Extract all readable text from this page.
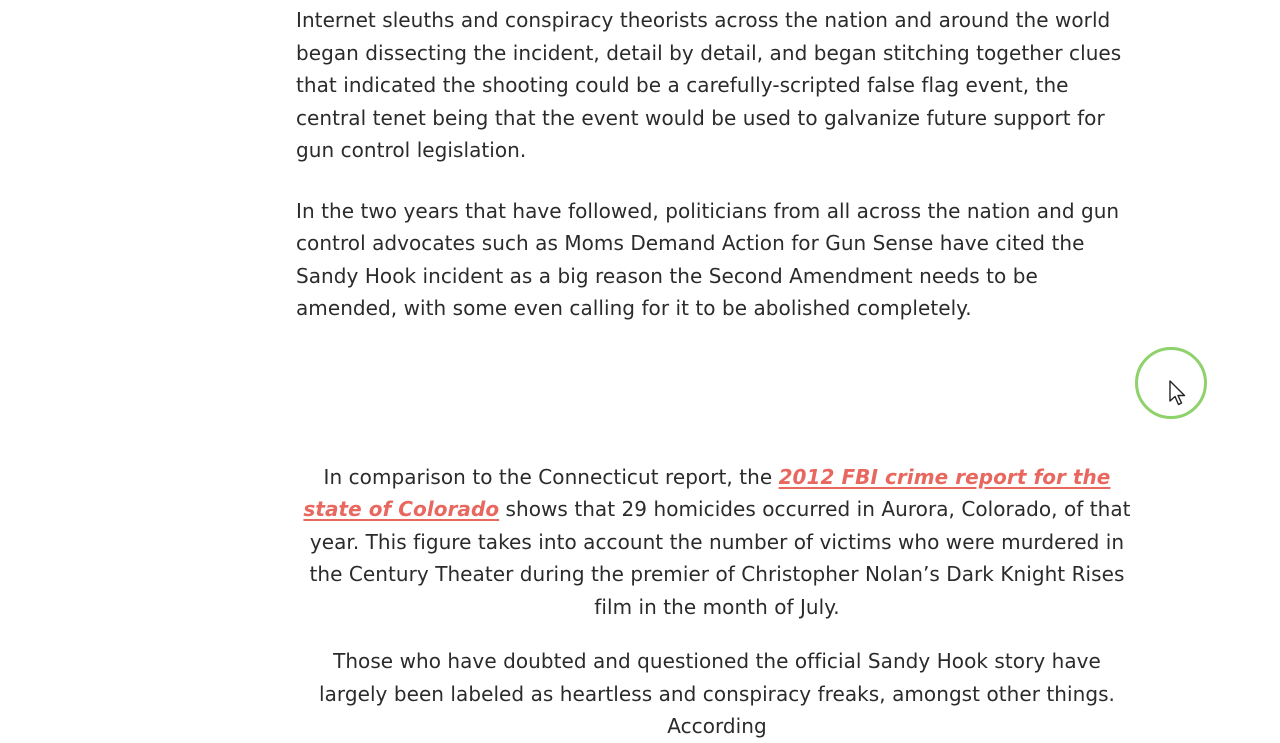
Internet sleuths and conspiracy theorists across the nation and around the world began dissecting the incident, detail by detail, and began stitching together clues that indicated the shooting could be a carefully-scripted false flag event, the central tenet being that the event would be used to galvanize future support for gun control legislation.

In the two years that have followed, politicians from all across the nation and gun control advocates such as Moms Demand Action for Gun Sense have cited the Sandy Hook incident as a big reason the Second Amendment needs to be amended, with some even calling for it to be abolished completely.

In comparison to the Connecticut report, the 2012 FBI crime report for the state of Colorado shows that 29 homicides occurred in Aurora, Colorado, of that year. This figure takes into account the number of victims who were murdered in the Century Theater during the premier of Christopher Nolan’s Dark Knight Rises film in the month of July.

Those who have doubted and questioned the official Sandy Hook story have largely been labeled as heartless and conspiracy freaks, amongst other things. According
